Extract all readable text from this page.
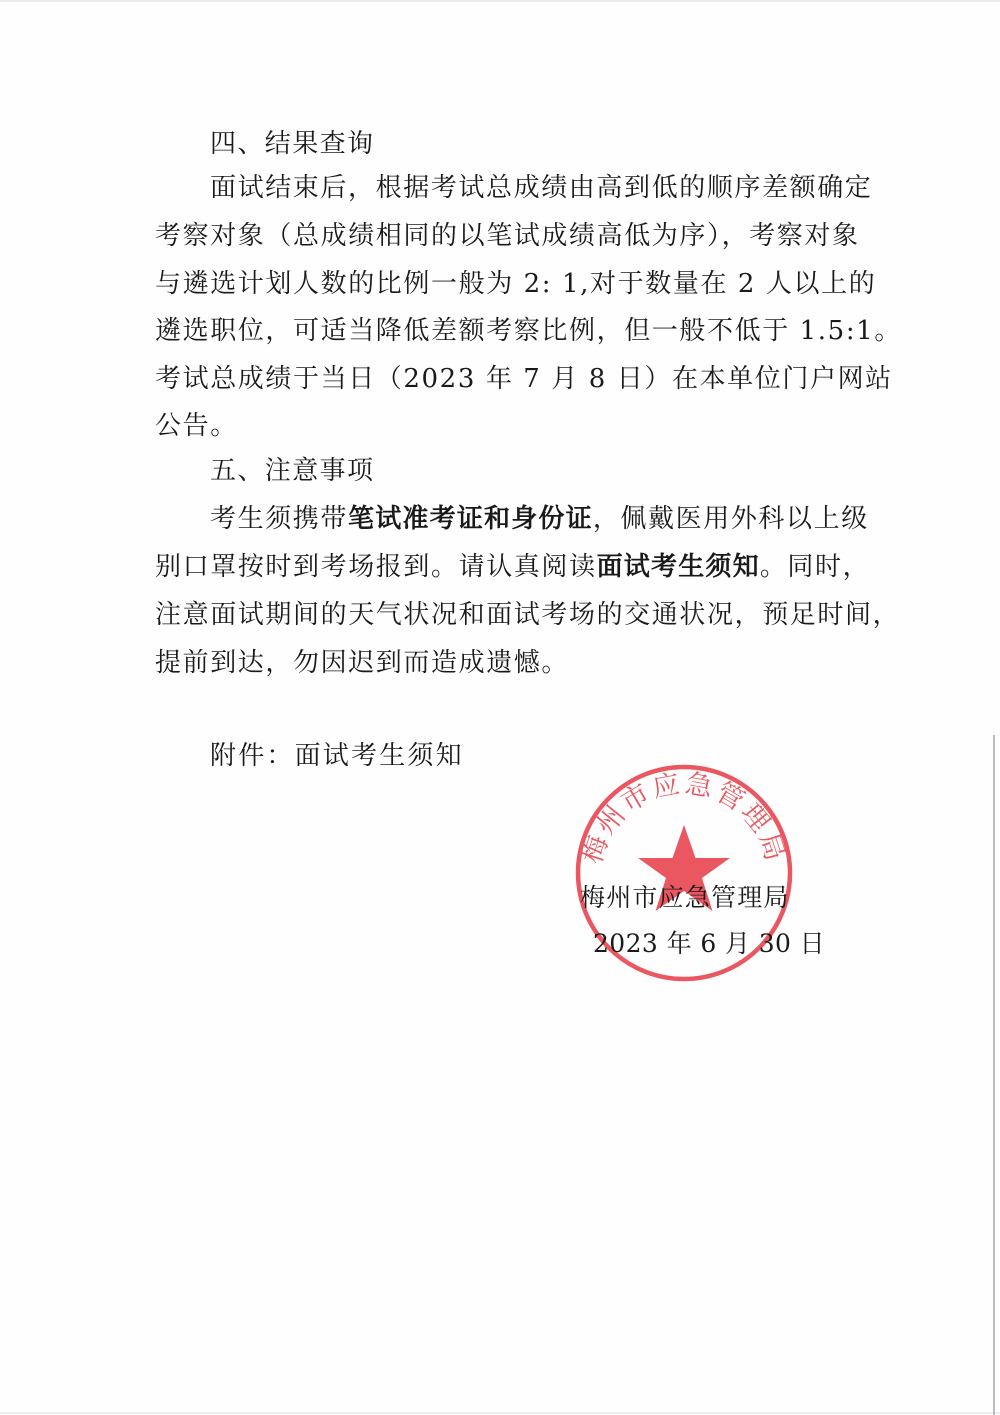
四、结果查询
面试结束后，根据考试总成绩由高到低的顺序差额确定
考察对象（总成绩相同的以笔试成绩高低为序），考察对象
与遴选计划人数的比例一般为 2: 1,对于数量在 2 人以上的
遴选职位，可适当降低差额考察比例，但一般不低于 1.5:1。
考试总成绩于当日（2023 年 7 月 8 日）在本单位门户网站
公告。
五、注意事项
考生须携带笔试准考证和身份证，佩戴医用外科以上级
别口罩按时到考场报到。请认真阅读面试考生须知。同时，
注意面试期间的天气状况和面试考场的交通状况，预足时间，
提前到达，勿因迟到而造成遗憾。
附件：面试考生须知
梅州市应急管理局
梅州市应急管理局
2023 年 6 月 30 日
